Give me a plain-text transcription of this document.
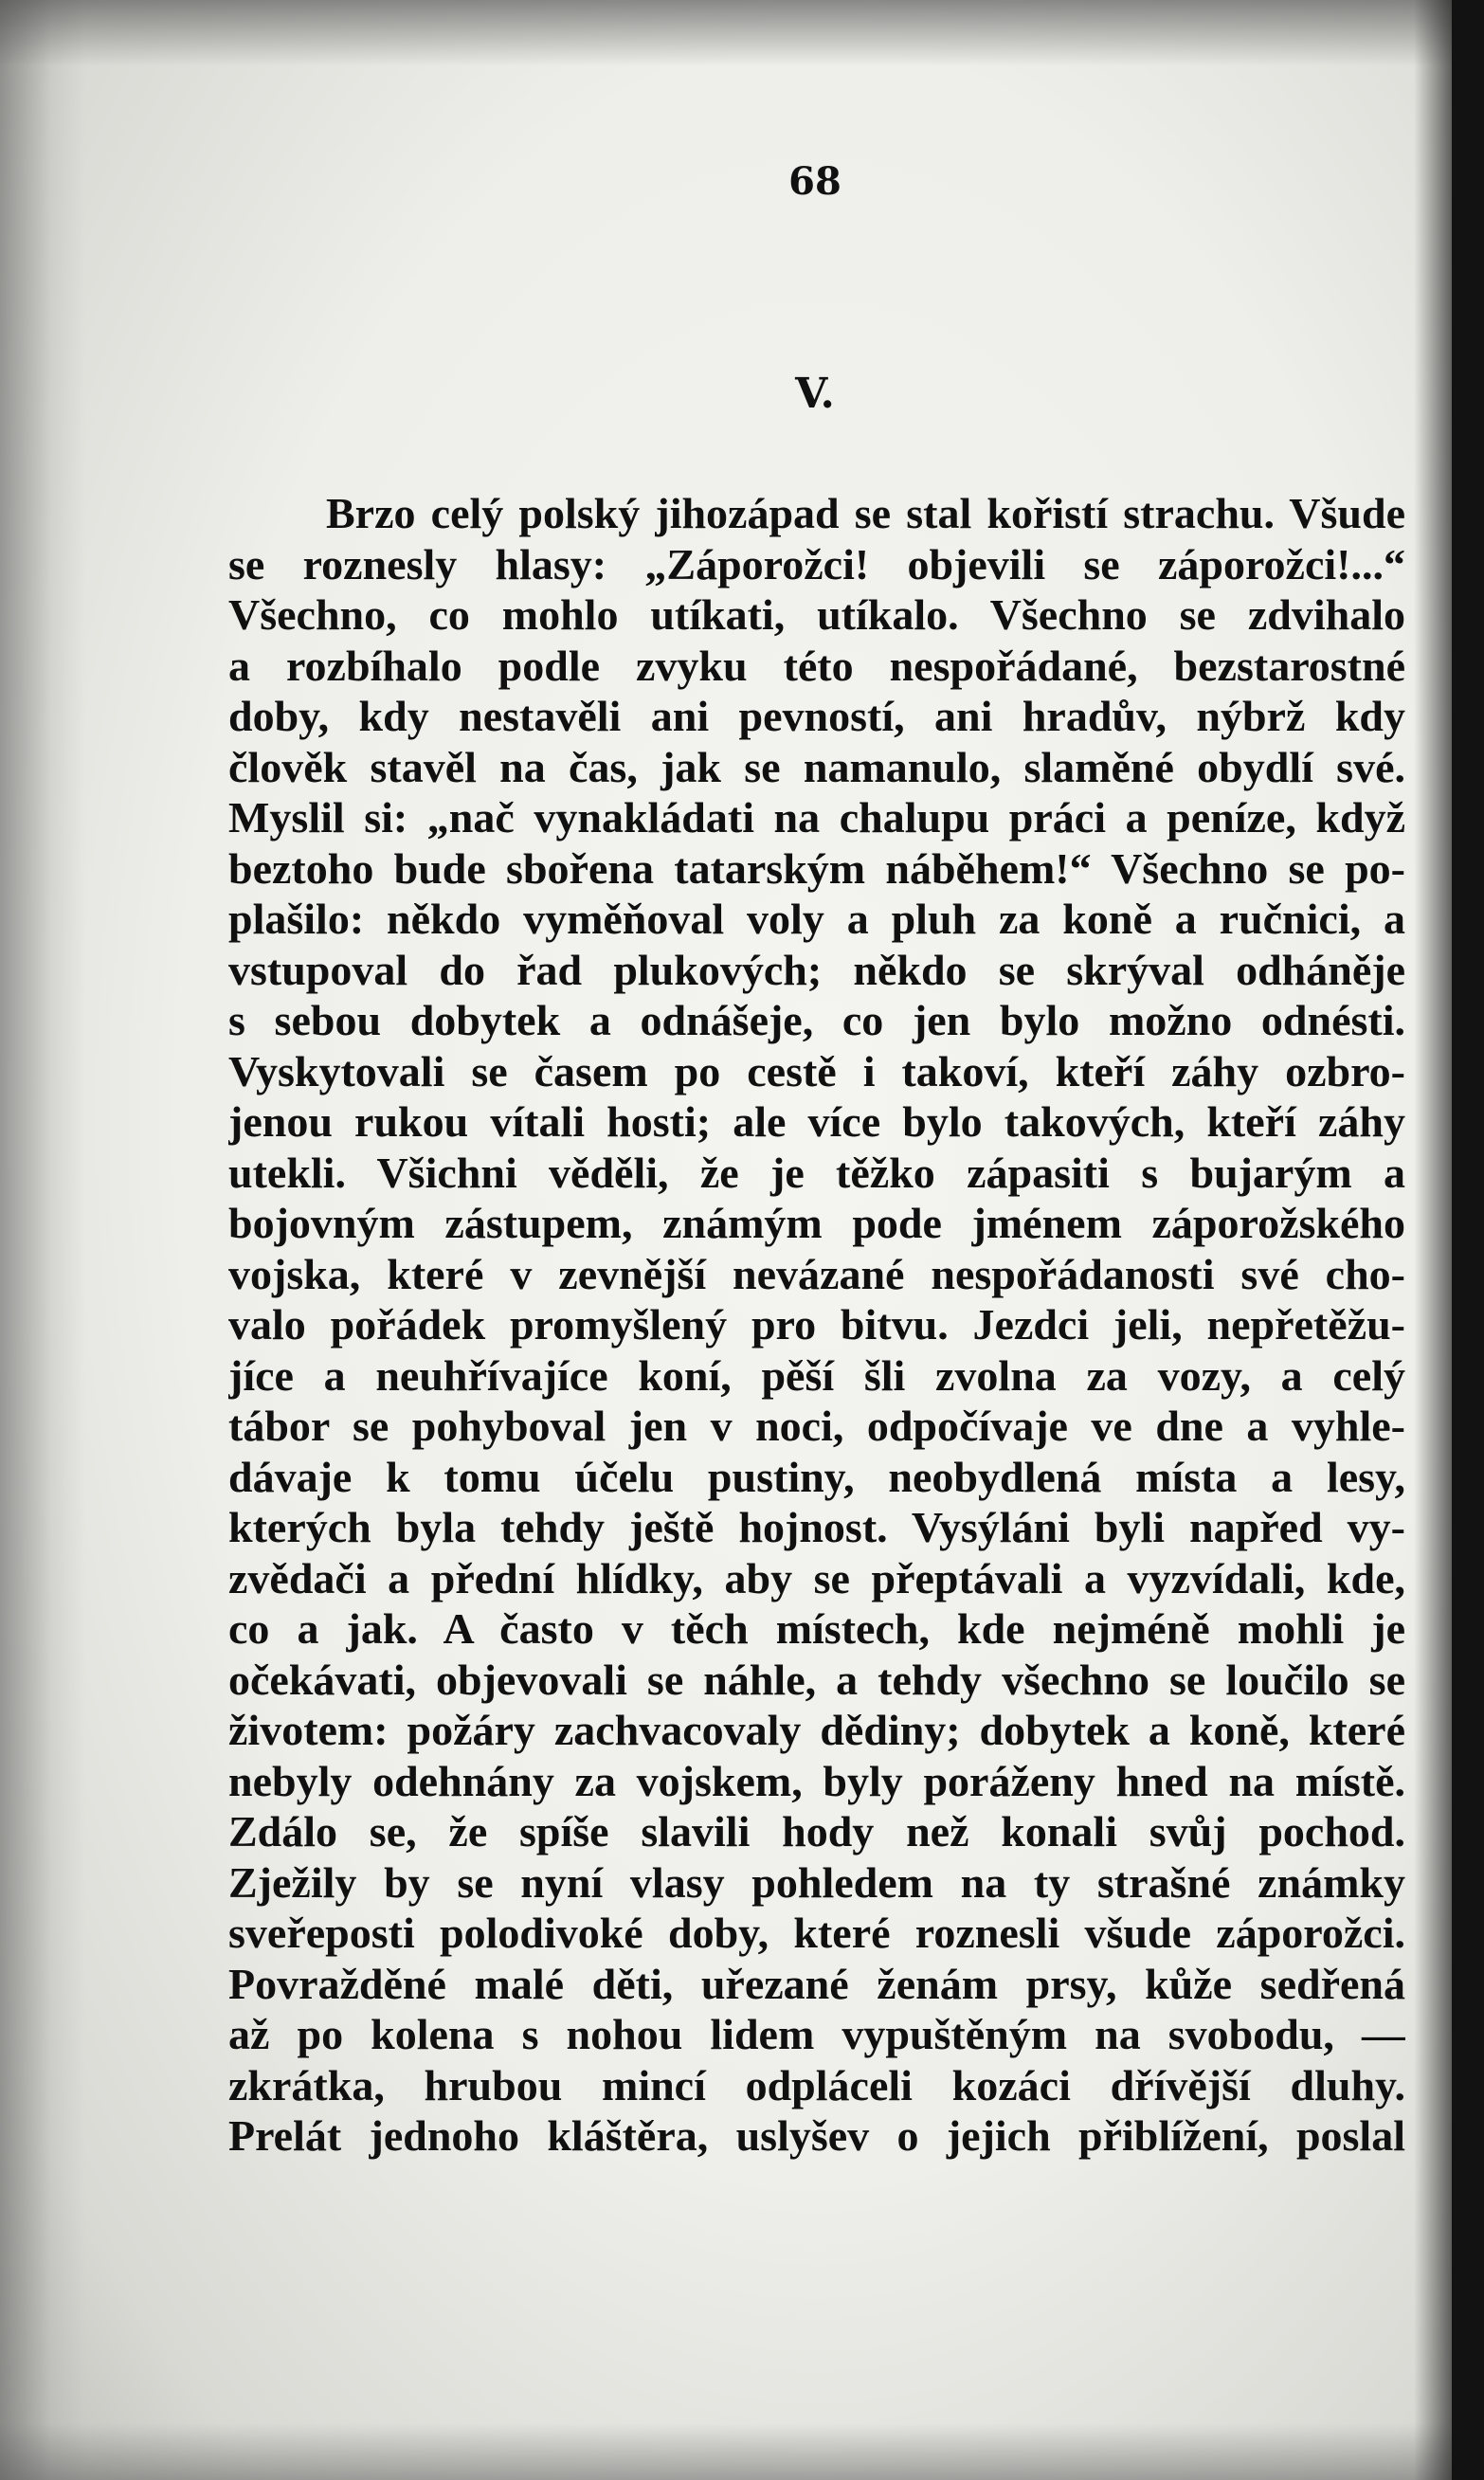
68
V.
Brzo celý polský jihozápad se stal kořistí strachu. Všude
se roznesly hlasy: „Záporožci! objevili se záporožci!...“
Všechno, co mohlo utíkati, utíkalo. Všechno se zdvihalo
a rozbíhalo podle zvyku této nespořádané, bezstarostné
doby, kdy nestavěli ani pevností, ani hradův, nýbrž kdy
člověk stavěl na čas, jak se namanulo, slaměné obydlí své.
Myslil si: „nač vynakládati na chalupu práci a peníze, když
beztoho bude sbořena tatarským náběhem!“ Všechno se po-
plašilo: někdo vyměňoval voly a pluh za koně a ručnici, a
vstupoval do řad plukových; někdo se skrýval odháněje
s sebou dobytek a odnášeje, co jen bylo možno odnésti.
Vyskytovali se časem po cestě i takoví, kteří záhy ozbro-
jenou rukou vítali hosti; ale více bylo takových, kteří záhy
utekli. Všichni věděli, že je těžko zápasiti s bujarým a
bojovným zástupem, známým pode jménem záporožského
vojska, které v zevnější nevázané nespořádanosti své cho-
valo pořádek promyšlený pro bitvu. Jezdci jeli, nepřetěžu-
jíce a neuhřívajíce koní, pěší šli zvolna za vozy, a celý
tábor se pohyboval jen v noci, odpočívaje ve dne a vyhle-
dávaje k tomu účelu pustiny, neobydlená místa a lesy,
kterých byla tehdy ještě hojnost. Vysýláni byli napřed vy-
zvědači a přední hlídky, aby se přeptávali a vyzvídali, kde,
co a jak. A často v těch místech, kde nejméně mohli je
očekávati, objevovali se náhle, a tehdy všechno se loučilo se
životem: požáry zachvacovaly dědiny; dobytek a koně, které
nebyly odehnány za vojskem, byly poráženy hned na místě.
Zdálo se, že spíše slavili hody než konali svůj pochod.
Zježily by se nyní vlasy pohledem na ty strašné známky
sveřeposti polodivoké doby, které roznesli všude záporožci.
Povražděné malé děti, uřezané ženám prsy, kůže sedřená
až po kolena s nohou lidem vypuštěným na svobodu, —
zkrátka, hrubou mincí odpláceli kozáci dřívější dluhy.
Prelát jednoho kláštěra, uslyšev o jejich přiblížení, poslal
